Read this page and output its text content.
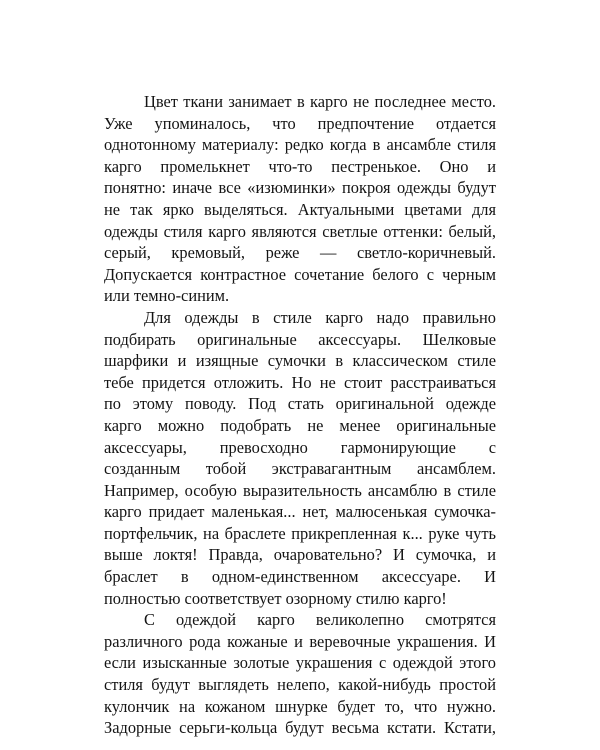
Цвет ткани занимает в карго не последнее место.
Уже упоминалось, что предпочтение отдается
однотонному материалу: редко когда в ансамбле стиля
карго промелькнет что-то пестренькое. Оно и
понятно: иначе все «изюминки» покроя одежды будут
не так ярко выделяться. Актуальными цветами для
одежды стиля карго являются светлые оттенки: белый,
серый, кремовый, реже — светло-коричневый.
Допускается контрастное сочетание белого с черным
или темно-синим.
Для одежды в стиле карго надо правильно
подбирать оригинальные аксессуары. Шелковые
шарфики и изящные сумочки в классическом стиле
тебе придется отложить. Но не стоит расстраиваться
по этому поводу. Под стать оригинальной одежде
карго можно подобрать не менее оригинальные
аксессуары, превосходно гармонирующие с
созданным тобой экстравагантным ансамблем.
Например, особую выразительность ансамблю в стиле
карго придает маленькая... нет, малюсенькая сумочка-
портфельчик, на браслете прикрепленная к... руке чуть
выше локтя! Правда, очаровательно? И сумочка, и
браслет в одном-единственном аксессуаре. И
полностью соответствует озорному стилю карго!
С одеждой карго великолепно смотрятся
различного рода кожаные и веревочные украшения. И
если изысканные золотые украшения с одеждой этого
стиля будут выглядеть нелепо, какой-нибудь простой
кулончик на кожаном шнурке будет то, что нужно.
Задорные серьги-кольца будут весьма кстати. Кстати,
